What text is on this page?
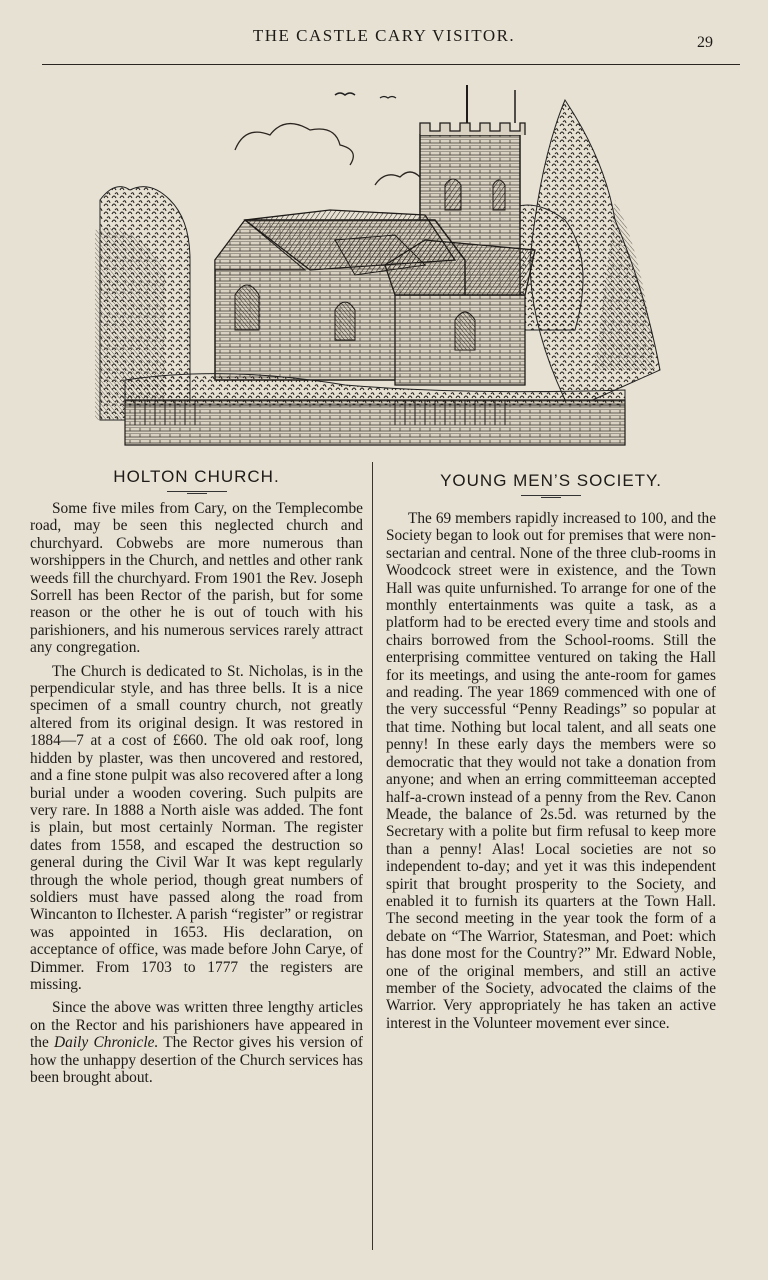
THE CASTLE CARY VISITOR.	29
HOLTON CHURCH.

Some five miles from Cary, on the Templecombe road, may be seen this neglected church and churchyard. Cobwebs are more numerous than worshippers in the Church, and nettles and other rank weeds fill the churchyard. From 1901 the Rev. Joseph Sorrell has been Rector of the parish, but for some reason or the other he is out of touch with his parishioners, and his numerous services rarely attract any congregation.

The Church is dedicated to St. Nicholas, is in the perpendicular style, and has three bells. It is a nice specimen of a small country church, not greatly altered from its original design. It was restored in 1884—7 at a cost of £660. The old oak roof, long hidden by plaster, was then uncovered and restored, and a fine stone pulpit was also recovered after a long burial under a wooden covering. Such pulpits are very rare. In 1888 a North aisle was added. The font is plain, but most certainly Norman. The register dates from 1558, and escaped the destruction so general during the Civil War It was kept regularly through the whole period, though great numbers of soldiers must have passed along the road from Wincanton to Ilchester. A parish “register” or registrar was appointed in 1653. His declaration, on acceptance of office, was made before John Carye, of Dimmer. From 1703 to 1777 the registers are missing.

Since the above was written three lengthy articles on the Rector and his parishioners have appeared in the Daily Chronicle. The Rector gives his version of how the unhappy desertion of the Church services has been brought about.

YOUNG MEN’S SOCIETY.

The 69 members rapidly increased to 100, and the Society began to look out for premises that were non-sectarian and central. None of the three club-rooms in Woodcock street were in existence, and the Town Hall was quite unfurnished. To arrange for one of the monthly entertainments was quite a task, as a platform had to be erected every time and stools and chairs borrowed from the School-rooms. Still the enterprising committee ventured on taking the Hall for its meetings, and using the ante-room for games and reading. The year 1869 commenced with one of the very successful “Penny Readings” so popular at that time. Nothing but local talent, and all seats one penny! In these early days the members were so democratic that they would not take a donation from anyone; and when an erring committeeman accepted half-a-crown instead of a penny from the Rev. Canon Meade, the balance of 2s.5d. was returned by the Secretary with a polite but firm refusal to keep more than a penny! Alas! Local societies are not so independent to-day; and yet it was this independent spirit that brought prosperity to the Society, and enabled it to furnish its quarters at the Town Hall. The second meeting in the year took the form of a debate on “The Warrior, Statesman, and Poet: which has done most for the Country?” Mr. Edward Noble, one of the original members, and still an active member of the Society, advocated the claims of the Warrior. Very appropriately he has taken an active interest in the Volunteer movement ever since.
